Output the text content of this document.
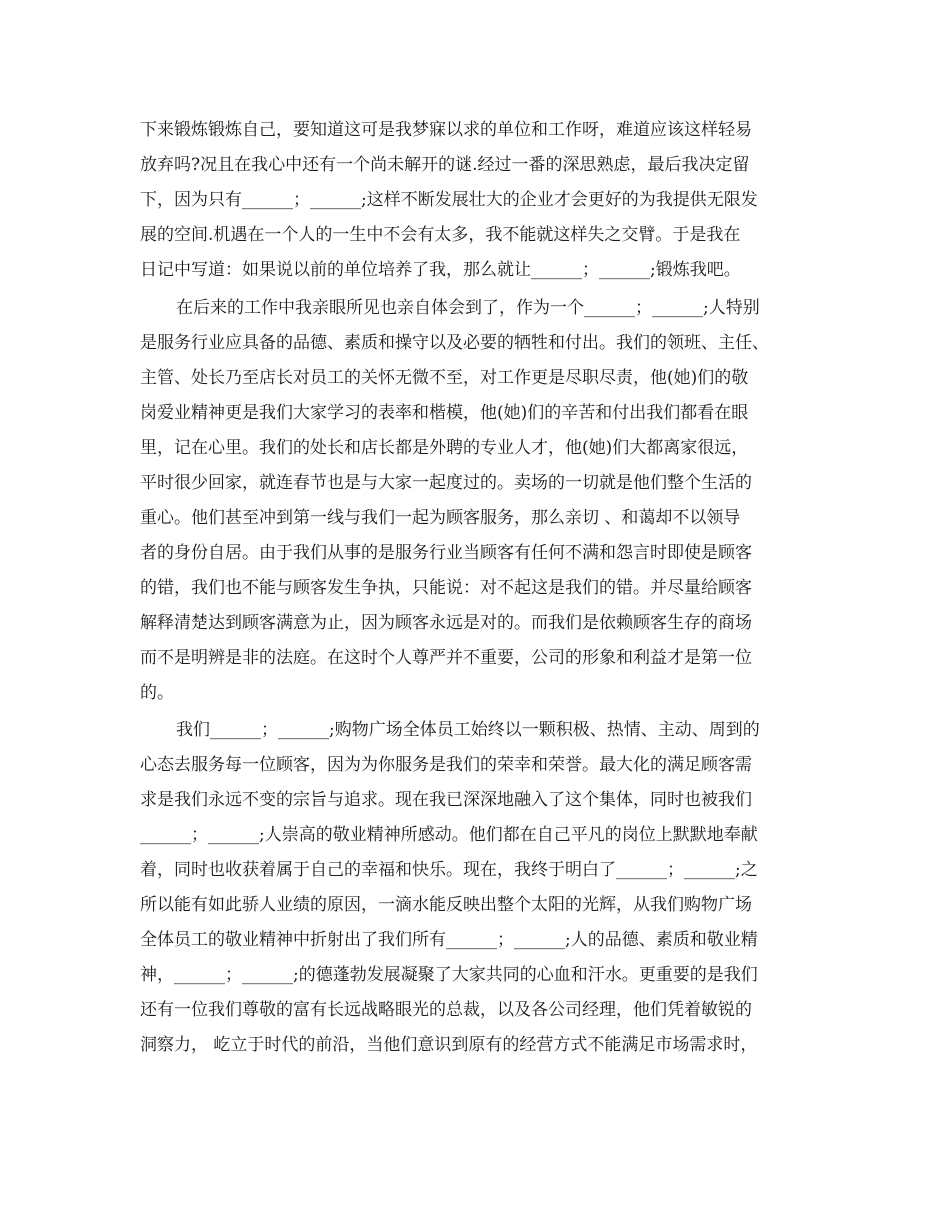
下来锻炼锻炼自己，要知道这可是我梦寐以求的单位和工作呀，难道应该这样轻易

放弃吗?况且在我心中还有一个尚未解开的谜.经过一番的深思熟虑，最后我决定留

下，因为只有______；______;这样不断发展壮大的企业才会更好的为我提供无限发

展的空间.机遇在一个人的一生中不会有太多，我不能就这样失之交臂。于是我在

日记中写道：如果说以前的单位培养了我，那么就让______；______;锻炼我吧。

在后来的工作中我亲眼所见也亲自体会到了，作为一个______；______;人特别

是服务行业应具备的品德、素质和操守以及必要的牺牲和付出。我们的领班、主任、

主管、处长乃至店长对员工的关怀无微不至，对工作更是尽职尽责，他(她)们的敬

岗爱业精神更是我们大家学习的表率和楷模，他(她)们的辛苦和付出我们都看在眼

里，记在心里。我们的处长和店长都是外聘的专业人才，他(她)们大都离家很远，

平时很少回家，就连春节也是与大家一起度过的。卖场的一切就是他们整个生活的

重心。他们甚至冲到第一线与我们一起为顾客服务，那么亲切 、和蔼却不以领导

者的身份自居。由于我们从事的是服务行业当顾客有任何不满和怨言时即使是顾客

的错，我们也不能与顾客发生争执，只能说：对不起这是我们的错。并尽量给顾客

解释清楚达到顾客满意为止，因为顾客永远是对的。而我们是依赖顾客生存的商场

而不是明辨是非的法庭。在这时个人尊严并不重要，公司的形象和利益才是第一位

的。

我们______；______;购物广场全体员工始终以一颗积极、热情、主动、周到的

心态去服务每一位顾客，因为为你服务是我们的荣幸和荣誉。最大化的满足顾客需

求是我们永远不变的宗旨与追求。现在我已深深地融入了这个集体，同时也被我们

______；______;人崇高的敬业精神所感动。他们都在自己平凡的岗位上默默地奉献

着，同时也收获着属于自己的幸福和快乐。现在，我终于明白了______；______;之

所以能有如此骄人业绩的原因，一滴水能反映出整个太阳的光辉，从我们购物广场

全体员工的敬业精神中折射出了我们所有______；______;人的品德、素质和敬业精

神，______；______;的德蓬勃发展凝聚了大家共同的心血和汗水。更重要的是我们

还有一位我们尊敬的富有长远战略眼光的总裁，以及各公司经理，他们凭着敏锐的

洞察力， 屹立于时代的前沿，当他们意识到原有的经营方式不能满足市场需求时，
